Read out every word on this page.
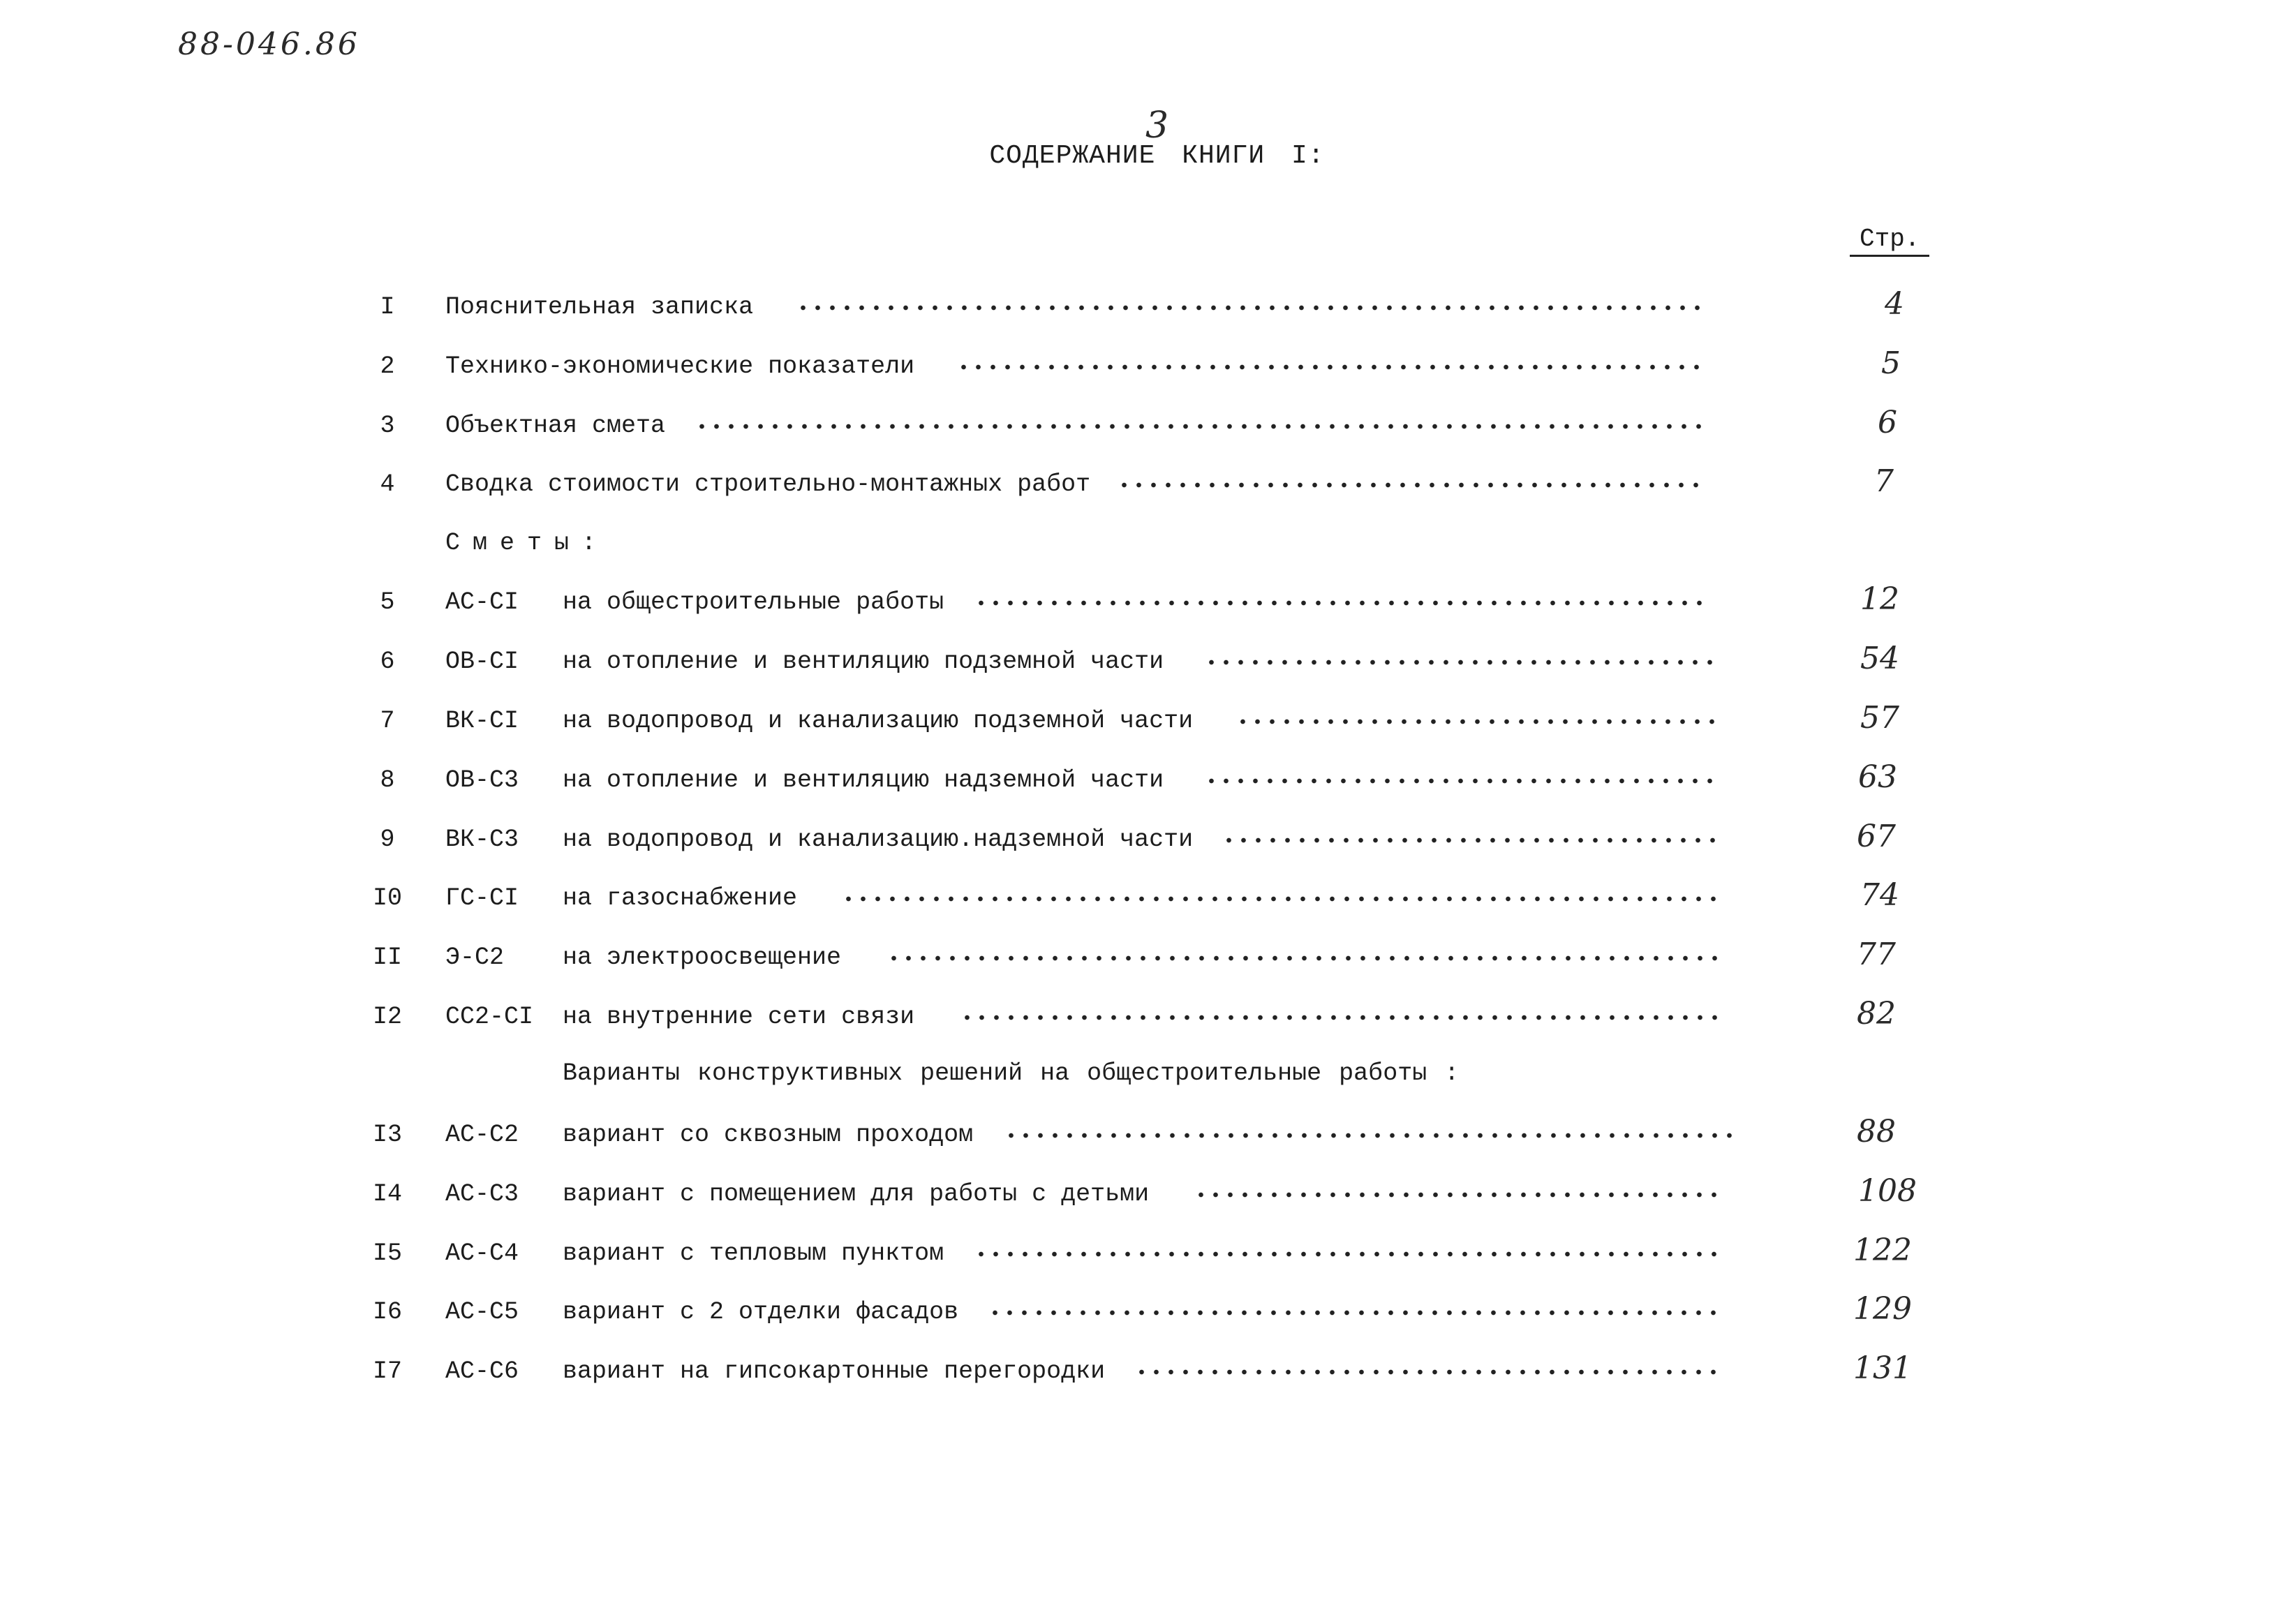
88-046.86
3
СОДЕРЖАНИЕ КНИГИ I:
Стр.
I	Пояснительная записка	4
2	Технико-экономические показатели	5
3	Объектная смета	6
4	Сводка стоимости строительно-монтажных работ	7
Сметы:
5	АС-СI на общестроительные работы	12
6	ОВ-СI на отопление и вентиляцию подземной части	54
7	ВК-СI на водопровод и канализацию подземной части	57
8	ОВ-С3 на отопление и вентиляцию надземной части	63
9	ВК-С3 на водопровод и канализацию.надземной части	67
I0	ГС-СI на газоснабжение	74
II	Э-С2 на электроосвещение	77
I2	СС2-СI на внутренние сети связи	82
Варианты конструктивных решений на общестроительные работы :
I3	АС-С2 вариант со сквозным проходом	88
I4	АС-С3 вариант с помещением для работы с детьми	108
I5	АС-С4 вариант с тепловым пунктом	122
I6	АС-С5 вариант с 2 отделки фасадов	129
I7	АС-С6 вариант на гипсокартонные перегородки	131
